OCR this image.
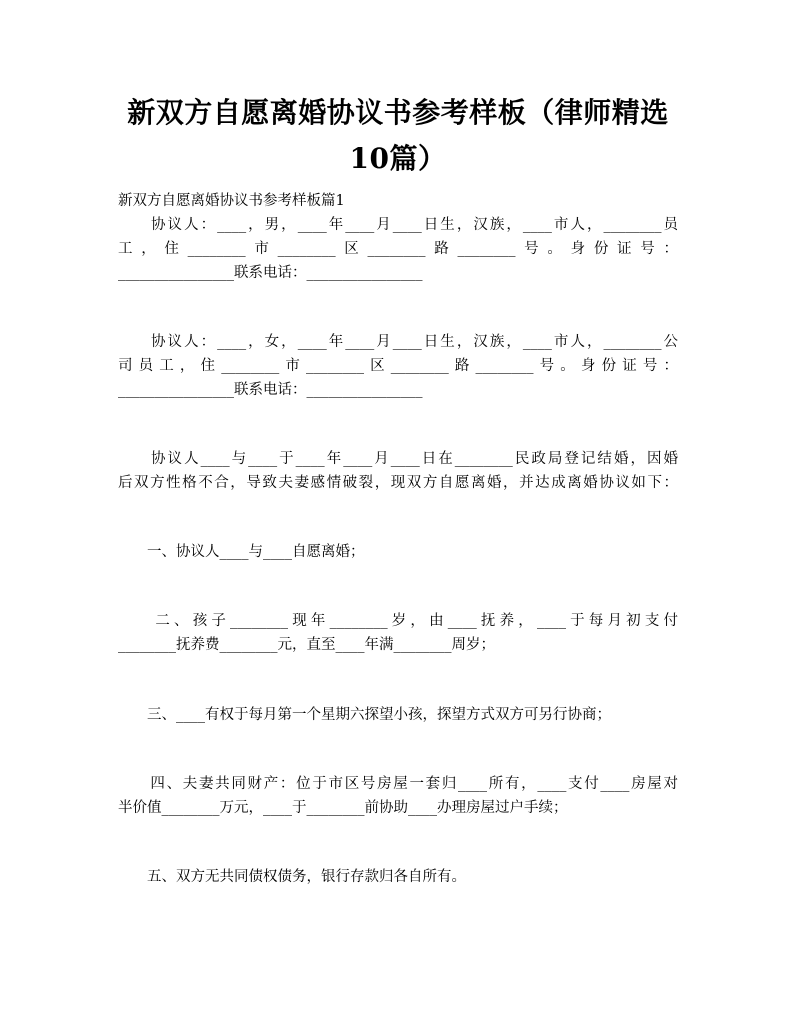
新双方自愿离婚协议书参考样板（律师精选
10篇）
新双方自愿离婚协议书参考样板篇1
　　协议人：____，男，____年____月____日生，汉族，____市人，________员
工，住________市________区________路________号。身份证号：
________________联系电话：________________
　　协议人：____，女，____年____月____日生，汉族，____市人，________公
司员工，住________市________区________路________号。身份证号：
________________联系电话：________________
　　协议人____与____于____年____月____日在________民政局登记结婚，因婚
后双方性格不合，导致夫妻感情破裂，现双方自愿离婚，并达成离婚协议如下：
　　一、协议人____与____自愿离婚；
　　二、孩子________现年________岁，由____抚养，____于每月初支付
________抚养费________元，直至____年满________周岁；
　　三、____有权于每月第一个星期六探望小孩，探望方式双方可另行协商；
　　四、夫妻共同财产：位于市区号房屋一套归____所有，____支付____房屋对
半价值________万元，____于________前协助____办理房屋过户手续；
　　五、双方无共同债权债务，银行存款归各自所有。
